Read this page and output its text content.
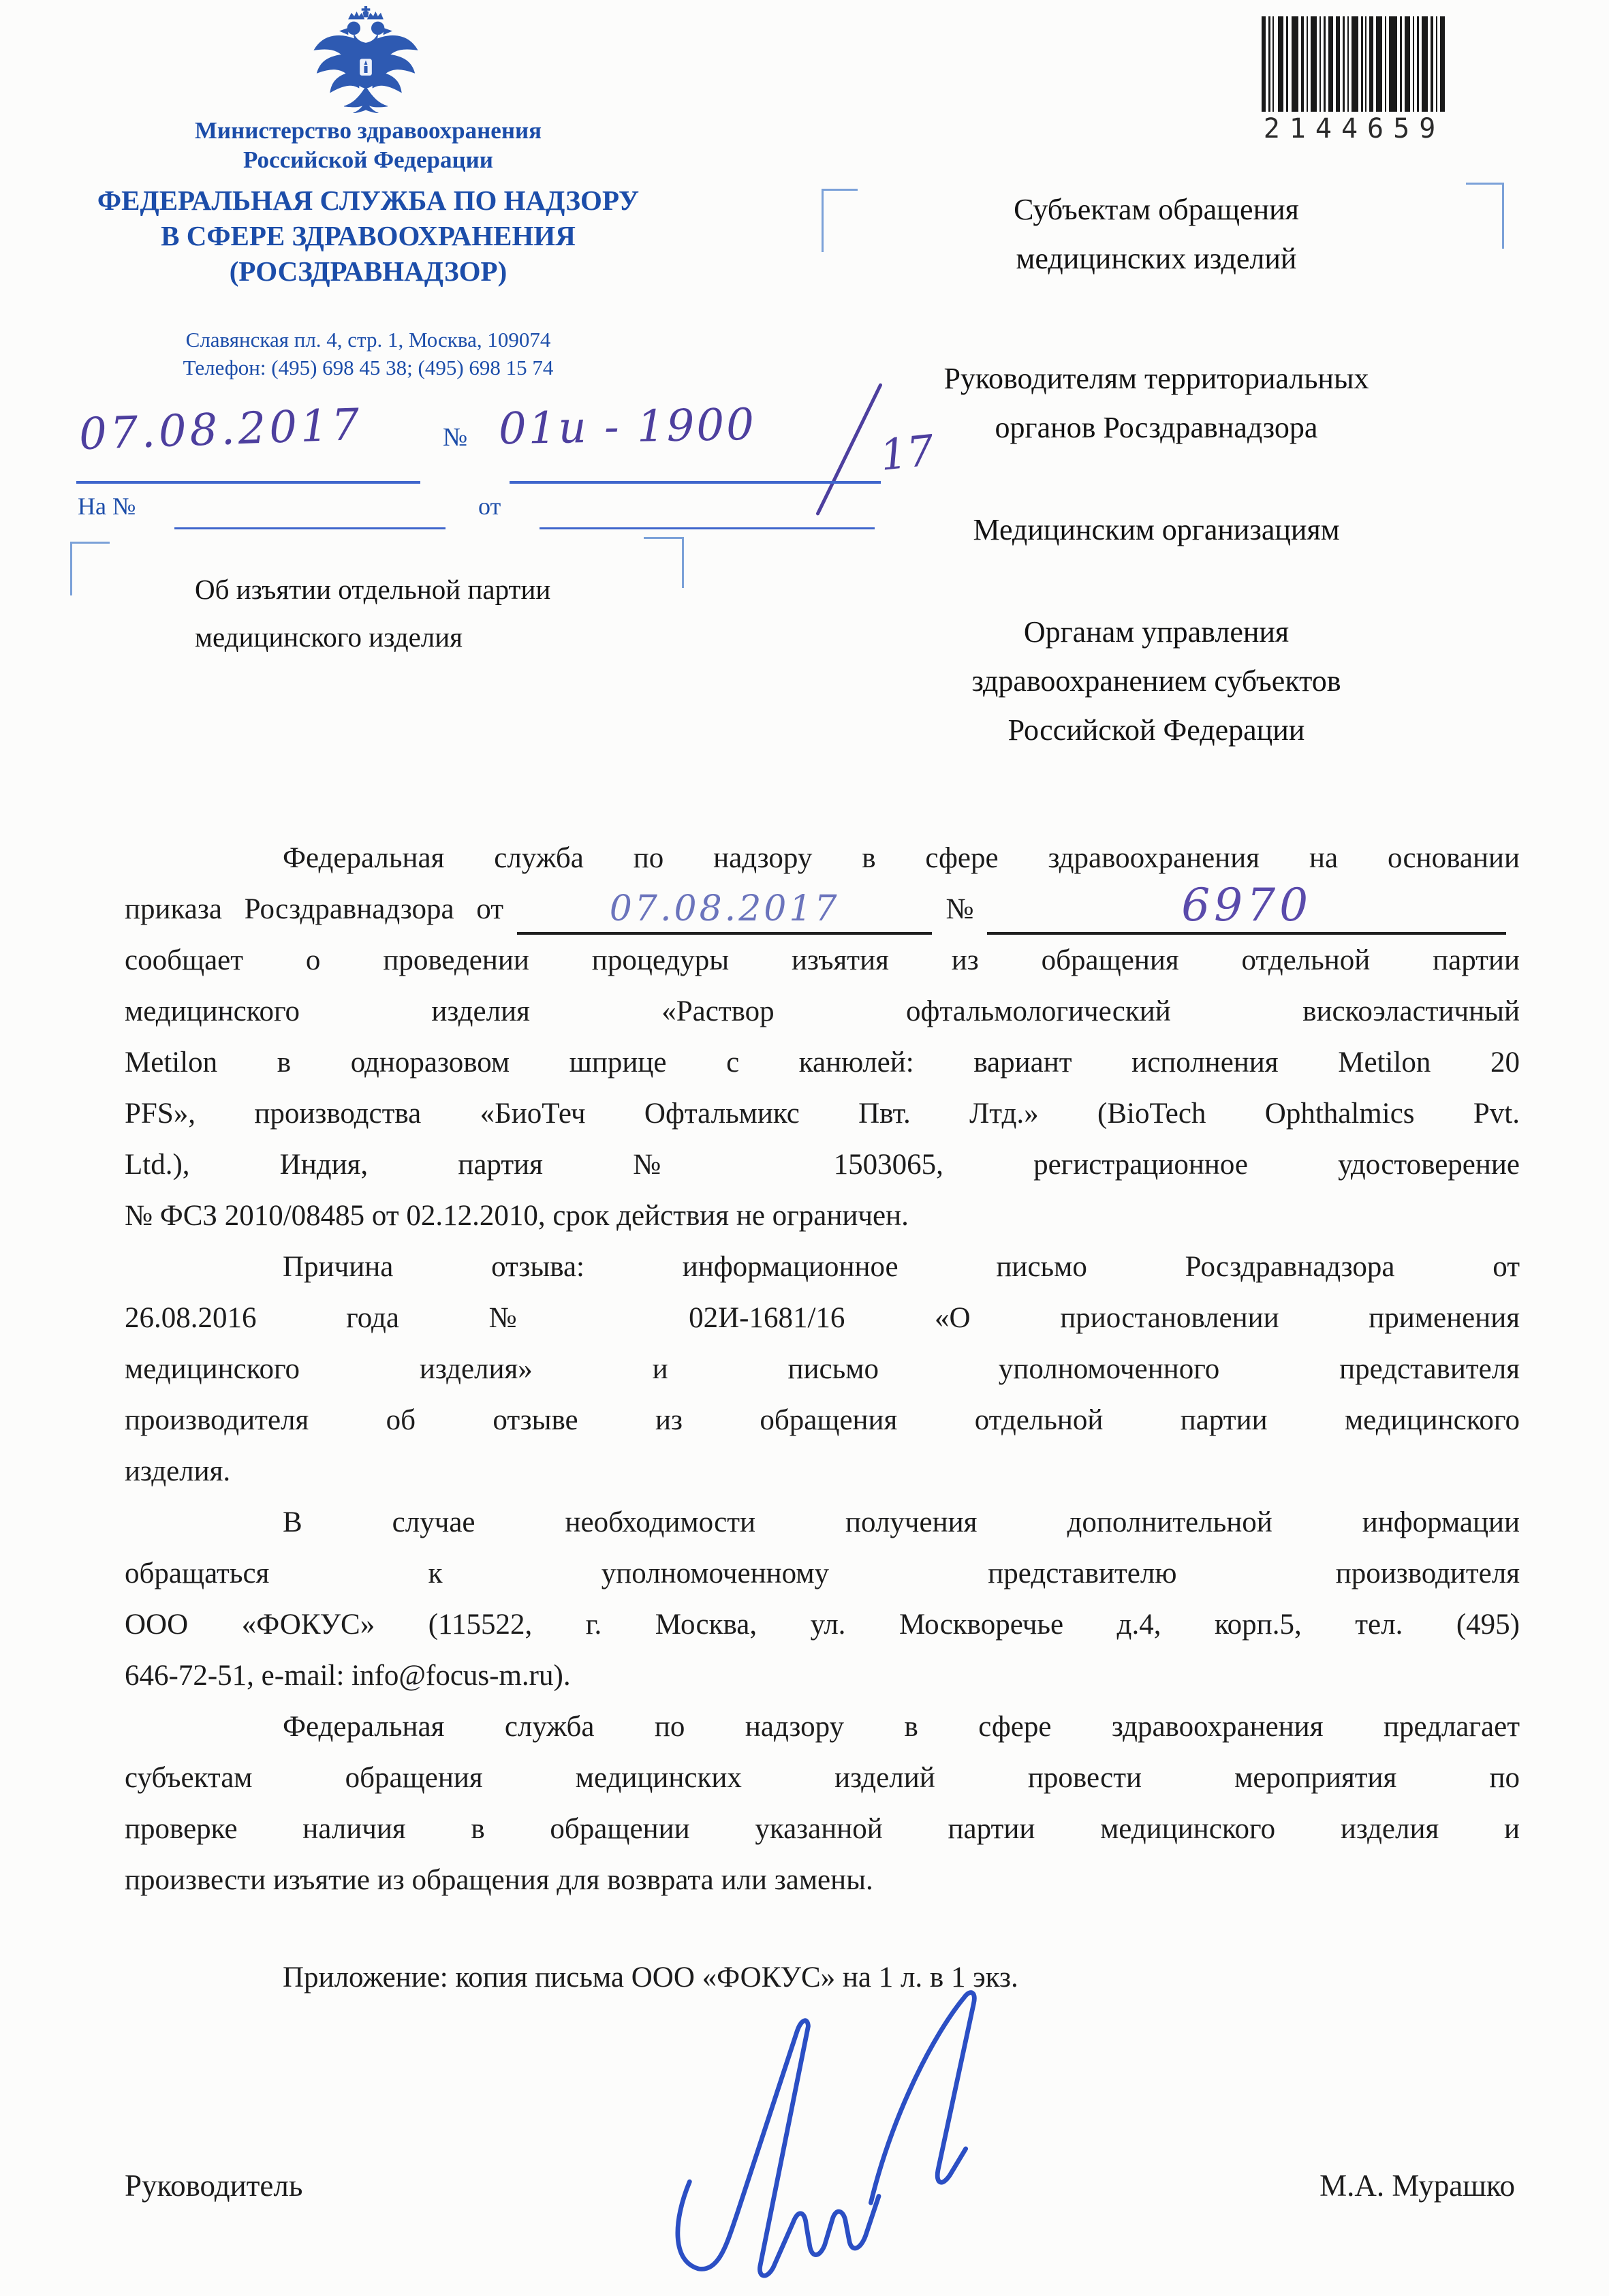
Министерство здравоохранения
Российской Федерации
ФЕДЕРАЛЬНАЯ СЛУЖБА ПО НАДЗОРУ
В СФЕРЕ ЗДРАВООХРАНЕНИЯ
(РОСЗДРАВНАДЗОР)
Славянская пл. 4, стр. 1, Москва, 109074
Телефон: (495) 698 45 38; (495) 698 15 74
2144659
07.08.2017	№ 01и - 1900	17
На №	от
Об изъятии отдельной партии
медицинского изделия
Субъектам обращения
медицинских изделий
Руководителям территориальных
органов Росздравнадзора
Медицинским организациям
Органам управления
здравоохранением субъектов
Российской Федерации
Федеральная служба по надзору в сфере здравоохранения на основании
приказа Росздравнадзора от	07.08.2017	№	6970
сообщает о проведении процедуры изъятия из обращения отдельной партии
медицинского изделия «Раствор офтальмологический вискоэластичный
Metilon в одноразовом шприце с канюлей: вариант исполнения Metilon 20
PFS», производства «БиоТеч Офтальмикс Пвт. Лтд.» (BioTech Ophthalmics Pvt.
Ltd.), Индия, партия № 1503065, регистрационное удостоверение
№ ФСЗ 2010/08485 от 02.12.2010, срок действия не ограничен.
Причина отзыва: информационное письмо Росздравнадзора от
26.08.2016 года № 02И-1681/16 «О приостановлении применения
медицинского изделия» и письмо уполномоченного представителя
производителя об отзыве из обращения отдельной партии медицинского
изделия.
В случае необходимости получения дополнительной информации
обращаться к уполномоченному представителю производителя
ООО «ФОКУС» (115522, г. Москва, ул. Москворечье д.4, корп.5, тел. (495)
646-72-51, e-mail: info@focus-m.ru).
Федеральная служба по надзору в сфере здравоохранения предлагает
субъектам обращения медицинских изделий провести мероприятия по
проверке наличия в обращении указанной партии медицинского изделия и
произвести изъятие из обращения для возврата или замены.
Приложение: копия письма ООО «ФОКУС» на 1 л. в 1 экз.
Руководитель	М.А. Мурашко
